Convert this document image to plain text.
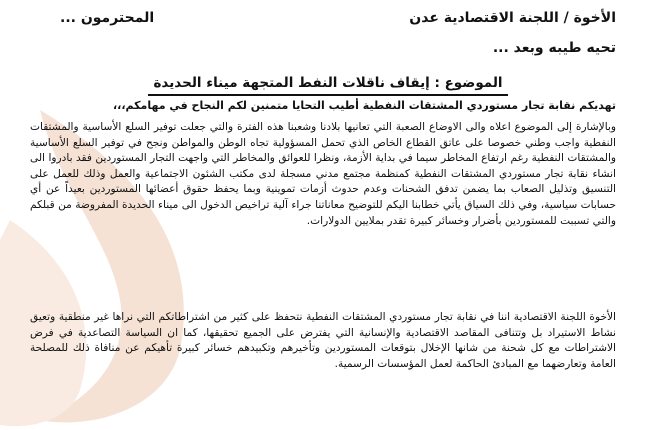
الأخوة / اللجنة الاقتصادية عدن
المحترمون ...
تحيه طيبه وبعد ...
الموضوع : إيقاف ناقلات النفط المتجهة ميناء الحديدة
تهديكم نقابة تجار مستوردي المشتقات النفطية أطيب التحايا متمنين لكم النجاح في مهامكم،،،
وبالإشارة إلى الموضوع اعلاه والى الاوضاع الصعبة التي تعانيها بلادنا وشعبنا هذه الفترة والتي جعلت توفير السلع الأساسية والمشتقات النفطية واجب وطني خصوصا على عاتق القطاع الخاص الذي تحمل المسؤولية تجاه الوطن والمواطن ونجح في توفير السلع الأساسية والمشتقات النفطية رغم ارتفاع المخاطر سيما في بداية الأزمة، ونظرا للعوائق والمخاطر التي واجهت التجار المستوردين فقد بادروا الى انشاء نقابة تجار مستوردي المشتقات النفطية كمنظمة مجتمع مدني مسجلة لدى مكتب الشئون الاجتماعية والعمل وذلك للعمل على التنسيق وتذليل الصعاب بما يضمن تدفق الشحنات وعدم حدوث أزمات تموينية وبما يحفظ حقوق أعضائها المستوردين بعيداً عن أي حسابات سياسية، وفي ذلك السياق يأتي خطابنا اليكم للتوضيح معاناتنا جراء آلية تراخيص الدخول الى ميناء الحديدة المفروضة من قبلكم والتي تسببت للمستوردين بأضرار وخسائر كبيرة تقدر بملايين الدولارات.
الأخوة اللجنة الاقتصادية اننا في نقابة تجار مستوردي المشتقات النفطية نتحفظ على كثير من اشتراطاتكم التي نراها غير منطقية وتعيق نشاط الاستيراد بل وتتنافى المقاصد الاقتصادية والإنسانية التي يفترض على الجميع تحقيقها، كما ان السياسة التصاعدية في فرض الاشتراطات مع كل شحنة من شانها الإخلال بتوقعات المستوردين وتأخيرهم وتكبيدهم خسائر كبيرة تأهيكم عن منافاة ذلك للمصلحة العامة وتعارضهما مع المبادئ الحاكمة لعمل المؤسسات الرسمية.
